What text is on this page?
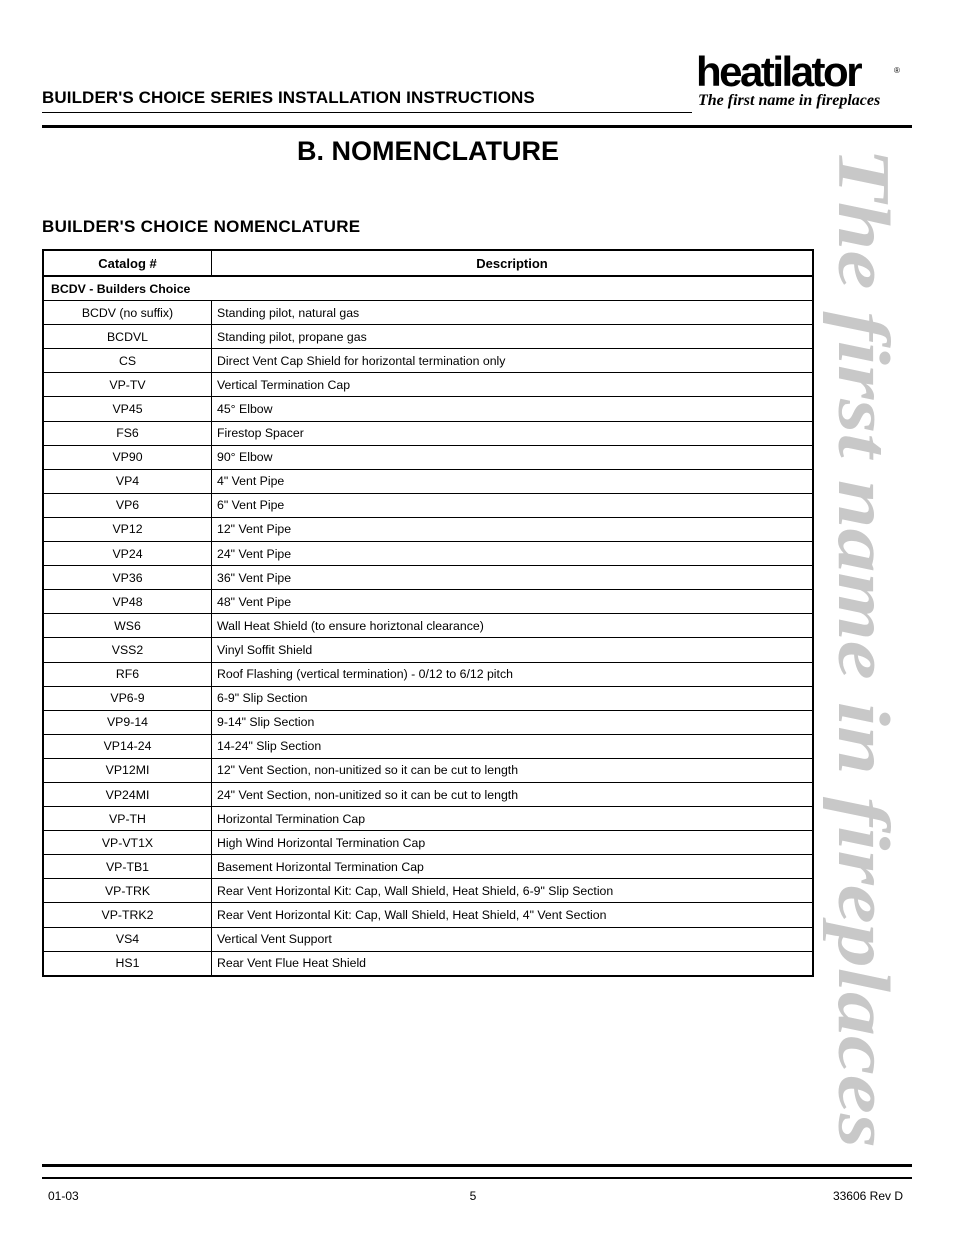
BUILDER'S CHOICE SERIES INSTALLATION INSTRUCTIONS
heatilator	®
The first name in fireplaces
B. NOMENCLATURE
BUILDER'S CHOICE NOMENCLATURE	The first name in fireplaces
Catalog #	Description
BCDV - Builders Choice	
BCDV (no suffix)	Standing pilot, natural gas
BCDVL	Standing pilot, propane gas
CS	Direct Vent Cap Shield for horizontal termination only
VP-TV	Vertical Termination Cap
VP45	45° Elbow
FS6	Firestop Spacer
VP90	90° Elbow
VP4	4" Vent Pipe
VP6	6" Vent Pipe
VP12	12" Vent Pipe
VP24	24" Vent Pipe
VP36	36" Vent Pipe
VP48	48" Vent Pipe
WS6	Wall Heat Shield (to ensure horiztonal clearance)
VSS2	Vinyl Soffit Shield
RF6	Roof Flashing (vertical termination) - 0/12 to 6/12 pitch
VP6-9	6-9" Slip Section
VP9-14	9-14" Slip Section
VP14-24	14-24" Slip Section
VP12MI	12" Vent Section, non-unitized so it can be cut to length
VP24MI	24" Vent Section, non-unitized so it can be cut to length
VP-TH	Horizontal Termination Cap
VP-VT1X	High Wind Horizontal Termination Cap
VP-TB1	Basement Horizontal Termination Cap
VP-TRK	Rear Vent Horizontal Kit: Cap, Wall Shield, Heat Shield, 6-9" Slip Section
VP-TRK2	Rear Vent Horizontal Kit: Cap, Wall Shield, Heat Shield, 4" Vent Section
VS4	Vertical Vent Support
HS1	Rear Vent Flue Heat Shield
01-03	5	33606 Rev D
